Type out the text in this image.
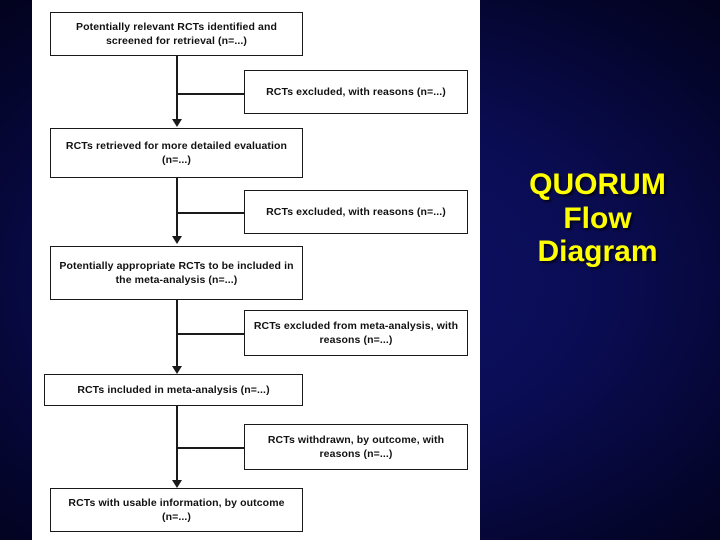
Potentially relevant RCTs identified and screened for retrieval (n=...)
RCTs excluded, with reasons (n=...)
RCTs retrieved for more detailed evaluation (n=...)
RCTs excluded, with reasons (n=...)
Potentially appropriate RCTs to be included in the meta-analysis (n=...)
RCTs excluded from meta-analysis, with reasons (n=...)
RCTs included in meta-analysis (n=...)
RCTs withdrawn, by outcome, with reasons (n=...)
RCTs with usable information, by outcome (n=...)
QUORUM
Flow
Diagram
